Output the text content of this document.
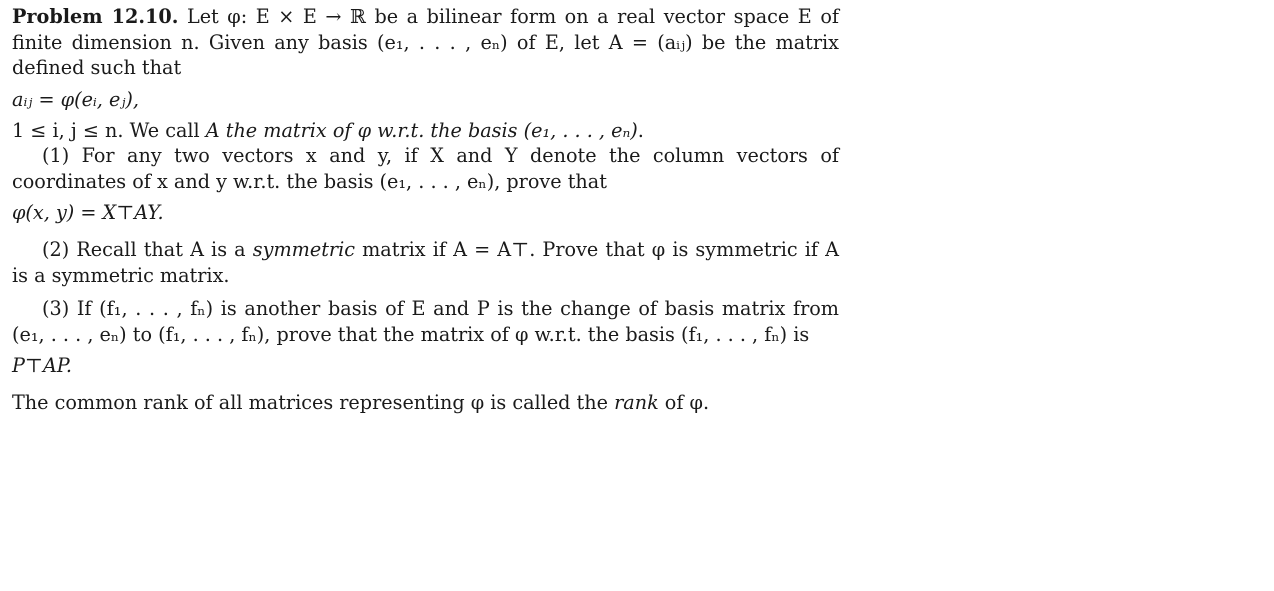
Problem 12.10. Let φ: E × E → ℝ be a bilinear form on a real vector space E of finite dimension n. Given any basis (e₁, . . . , eₙ) of E, let A = (aᵢⱼ) be the matrix defined such that

aᵢⱼ = φ(eᵢ, eⱼ),

1 ≤ i, j ≤ n. We call A the matrix of φ w.r.t. the basis (e₁, . . . , eₙ).

(1) For any two vectors x and y, if X and Y denote the column vectors of coordinates of x and y w.r.t. the basis (e₁, . . . , eₙ), prove that

φ(x, y) = X⊤AY.

(2) Recall that A is a symmetric matrix if A = A⊤. Prove that φ is symmetric if A is a symmetric matrix.

(3) If (f₁, . . . , fₙ) is another basis of E and P is the change of basis matrix from (e₁, . . . , eₙ) to (f₁, . . . , fₙ), prove that the matrix of φ w.r.t. the basis (f₁, . . . , fₙ) is

P⊤AP.

The common rank of all matrices representing φ is called the rank of φ.
